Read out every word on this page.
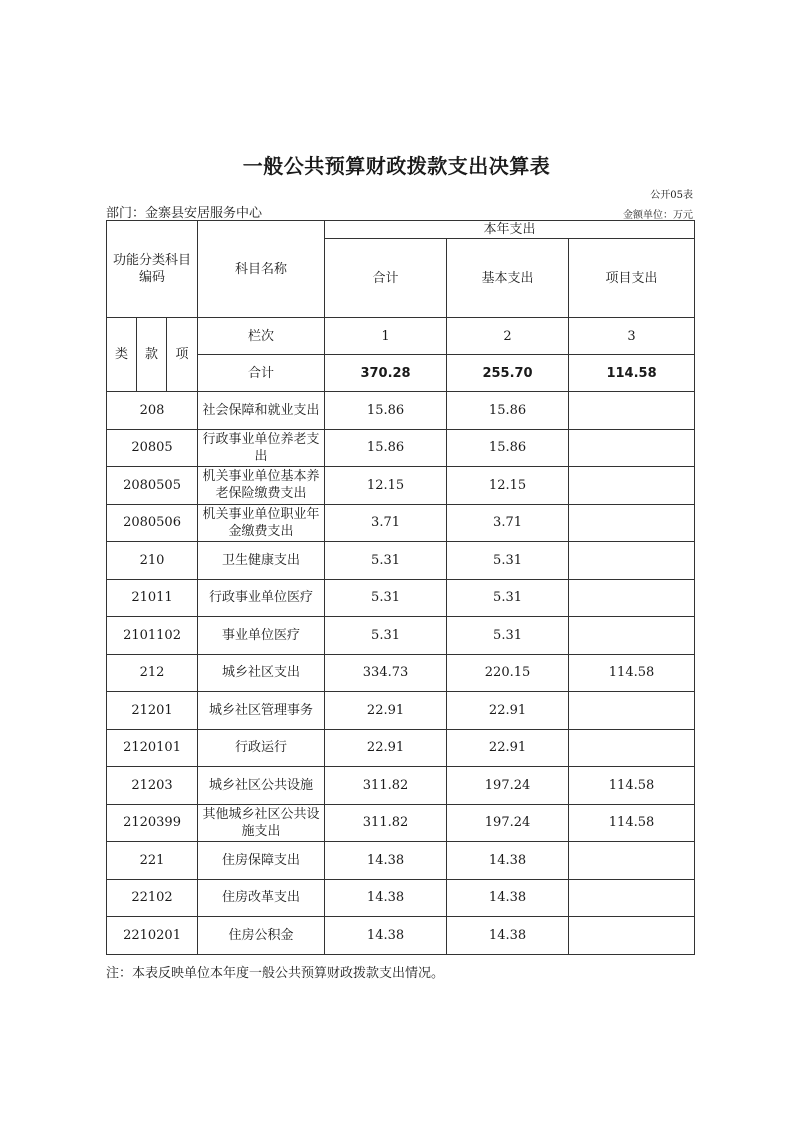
一般公共预算财政拨款支出决算表
公开05表
部门：金寨县安居服务中心	金额单位：万元
功能分类科目编码			科目名称	本年支出		
				合计	基本支出	项目支出
类	款	项	栏次	1	2	3
			合计	370.28	255.70	114.58
208			社会保障和就业支出	15.86	15.86	
20805			行政事业单位养老支出	15.86	15.86	
2080505			机关事业单位基本养老保险缴费支出	12.15	12.15	
2080506			机关事业单位职业年金缴费支出	3.71	3.71	
210			卫生健康支出	5.31	5.31	
21011			行政事业单位医疗	5.31	5.31	
2101102			事业单位医疗	5.31	5.31	
212			城乡社区支出	334.73	220.15	114.58
21201			城乡社区管理事务	22.91	22.91	
2120101			行政运行	22.91	22.91	
21203			城乡社区公共设施	311.82	197.24	114.58
2120399			其他城乡社区公共设施支出	311.82	197.24	114.58
221			住房保障支出	14.38	14.38	
22102			住房改革支出	14.38	14.38	
2210201			住房公积金	14.38	14.38	
注：本表反映单位本年度一般公共预算财政拨款支出情况。
